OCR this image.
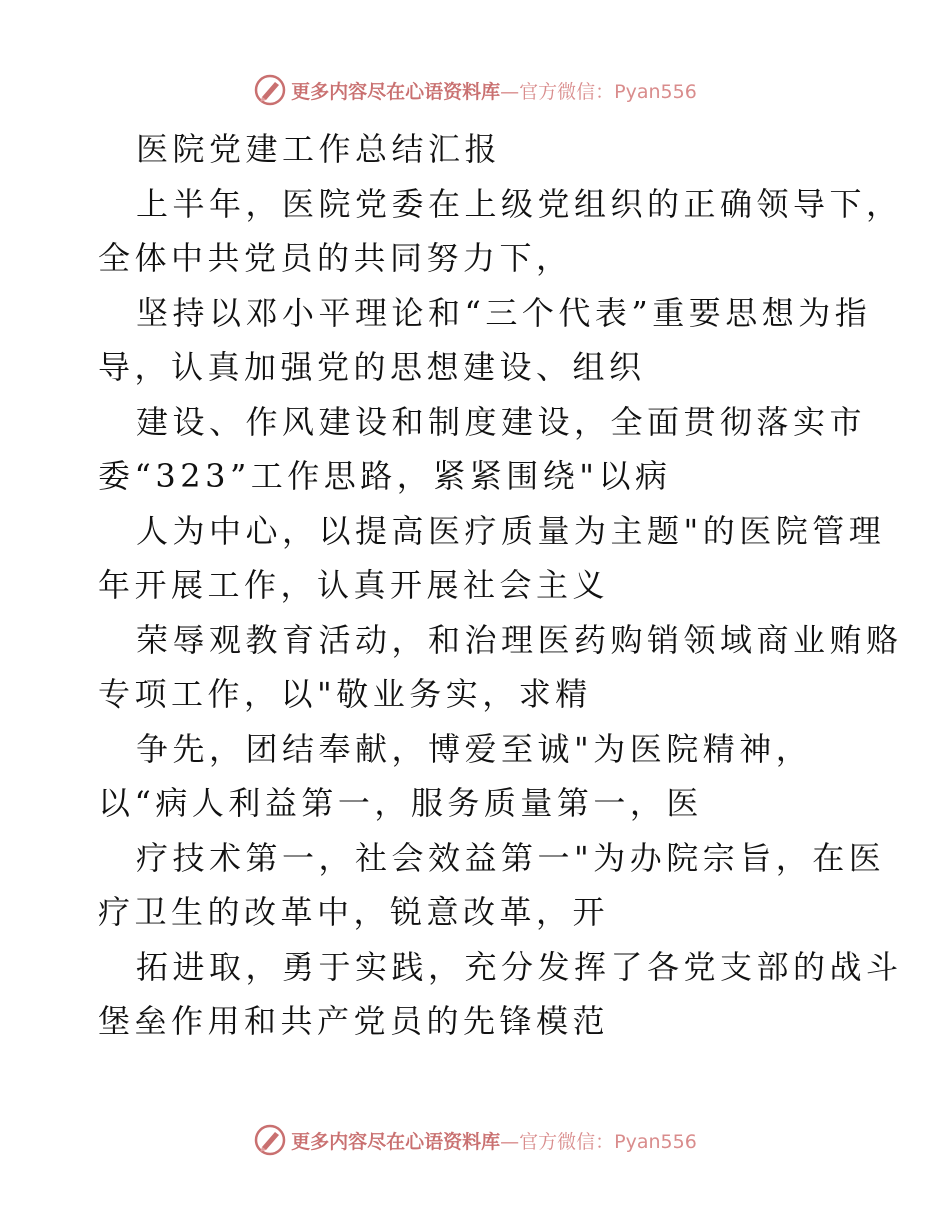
更多内容尽在心语资料库—官方微信：Pyan556

医院党建工作总结汇报

上半年，医院党委在上级党组织的正确领导下，

全体中共党员的共同努力下，

坚持以邓小平理论和“三个代表”重要思想为指

导，认真加强党的思想建设、组织

建设、作风建设和制度建设，全面贯彻落实市

委“323”工作思路，紧紧围绕"以病

人为中心，以提高医疗质量为主题"的医院管理

年开展工作，认真开展社会主义

荣辱观教育活动，和治理医药购销领域商业贿赂

专项工作，以"敬业务实，求精

争先，团结奉献，博爱至诚"为医院精神，

以“病人利益第一，服务质量第一，医

疗技术第一，社会效益第一"为办院宗旨，在医

疗卫生的改革中，锐意改革，开

拓进取，勇于实践，充分发挥了各党支部的战斗

堡垒作用和共产党员的先锋模范

更多内容尽在心语资料库—官方微信：Pyan556
